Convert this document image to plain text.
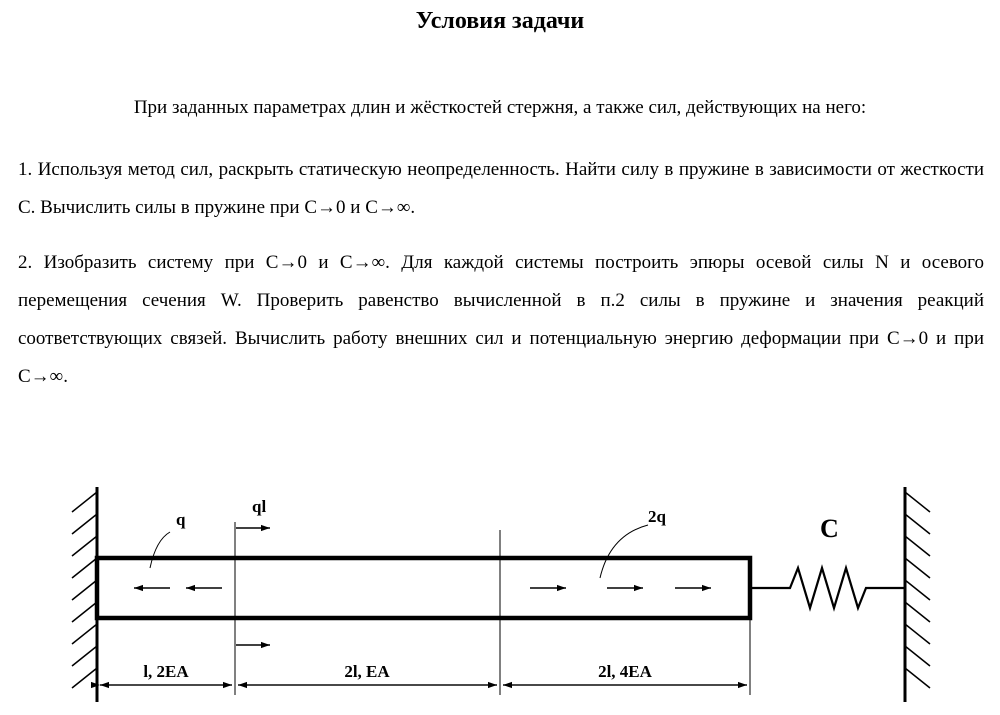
Условия задачи
При заданных параметрах длин и жёсткостей стержня, а также сил, действующих на него:
1. Используя метод сил, раскрыть статическую неопределенность. Найти силу в пружине в зависимости от жесткости С. Вычислить силы в пружине при С→0 и С→∞.
2. Изобразить систему при С→0 и С→∞. Для каждой системы построить эпюры осевой силы N и осевого перемещения сечения W. Проверить равенство вычисленной в п.2 силы в пружине и значения реакций соответствующих связей. Вычислить работу внешних сил и потенциальную энергию деформации при С→0 и при С→∞.
C
q
ql
2q
l, 2EA	2l, EA	2l, 4EA
